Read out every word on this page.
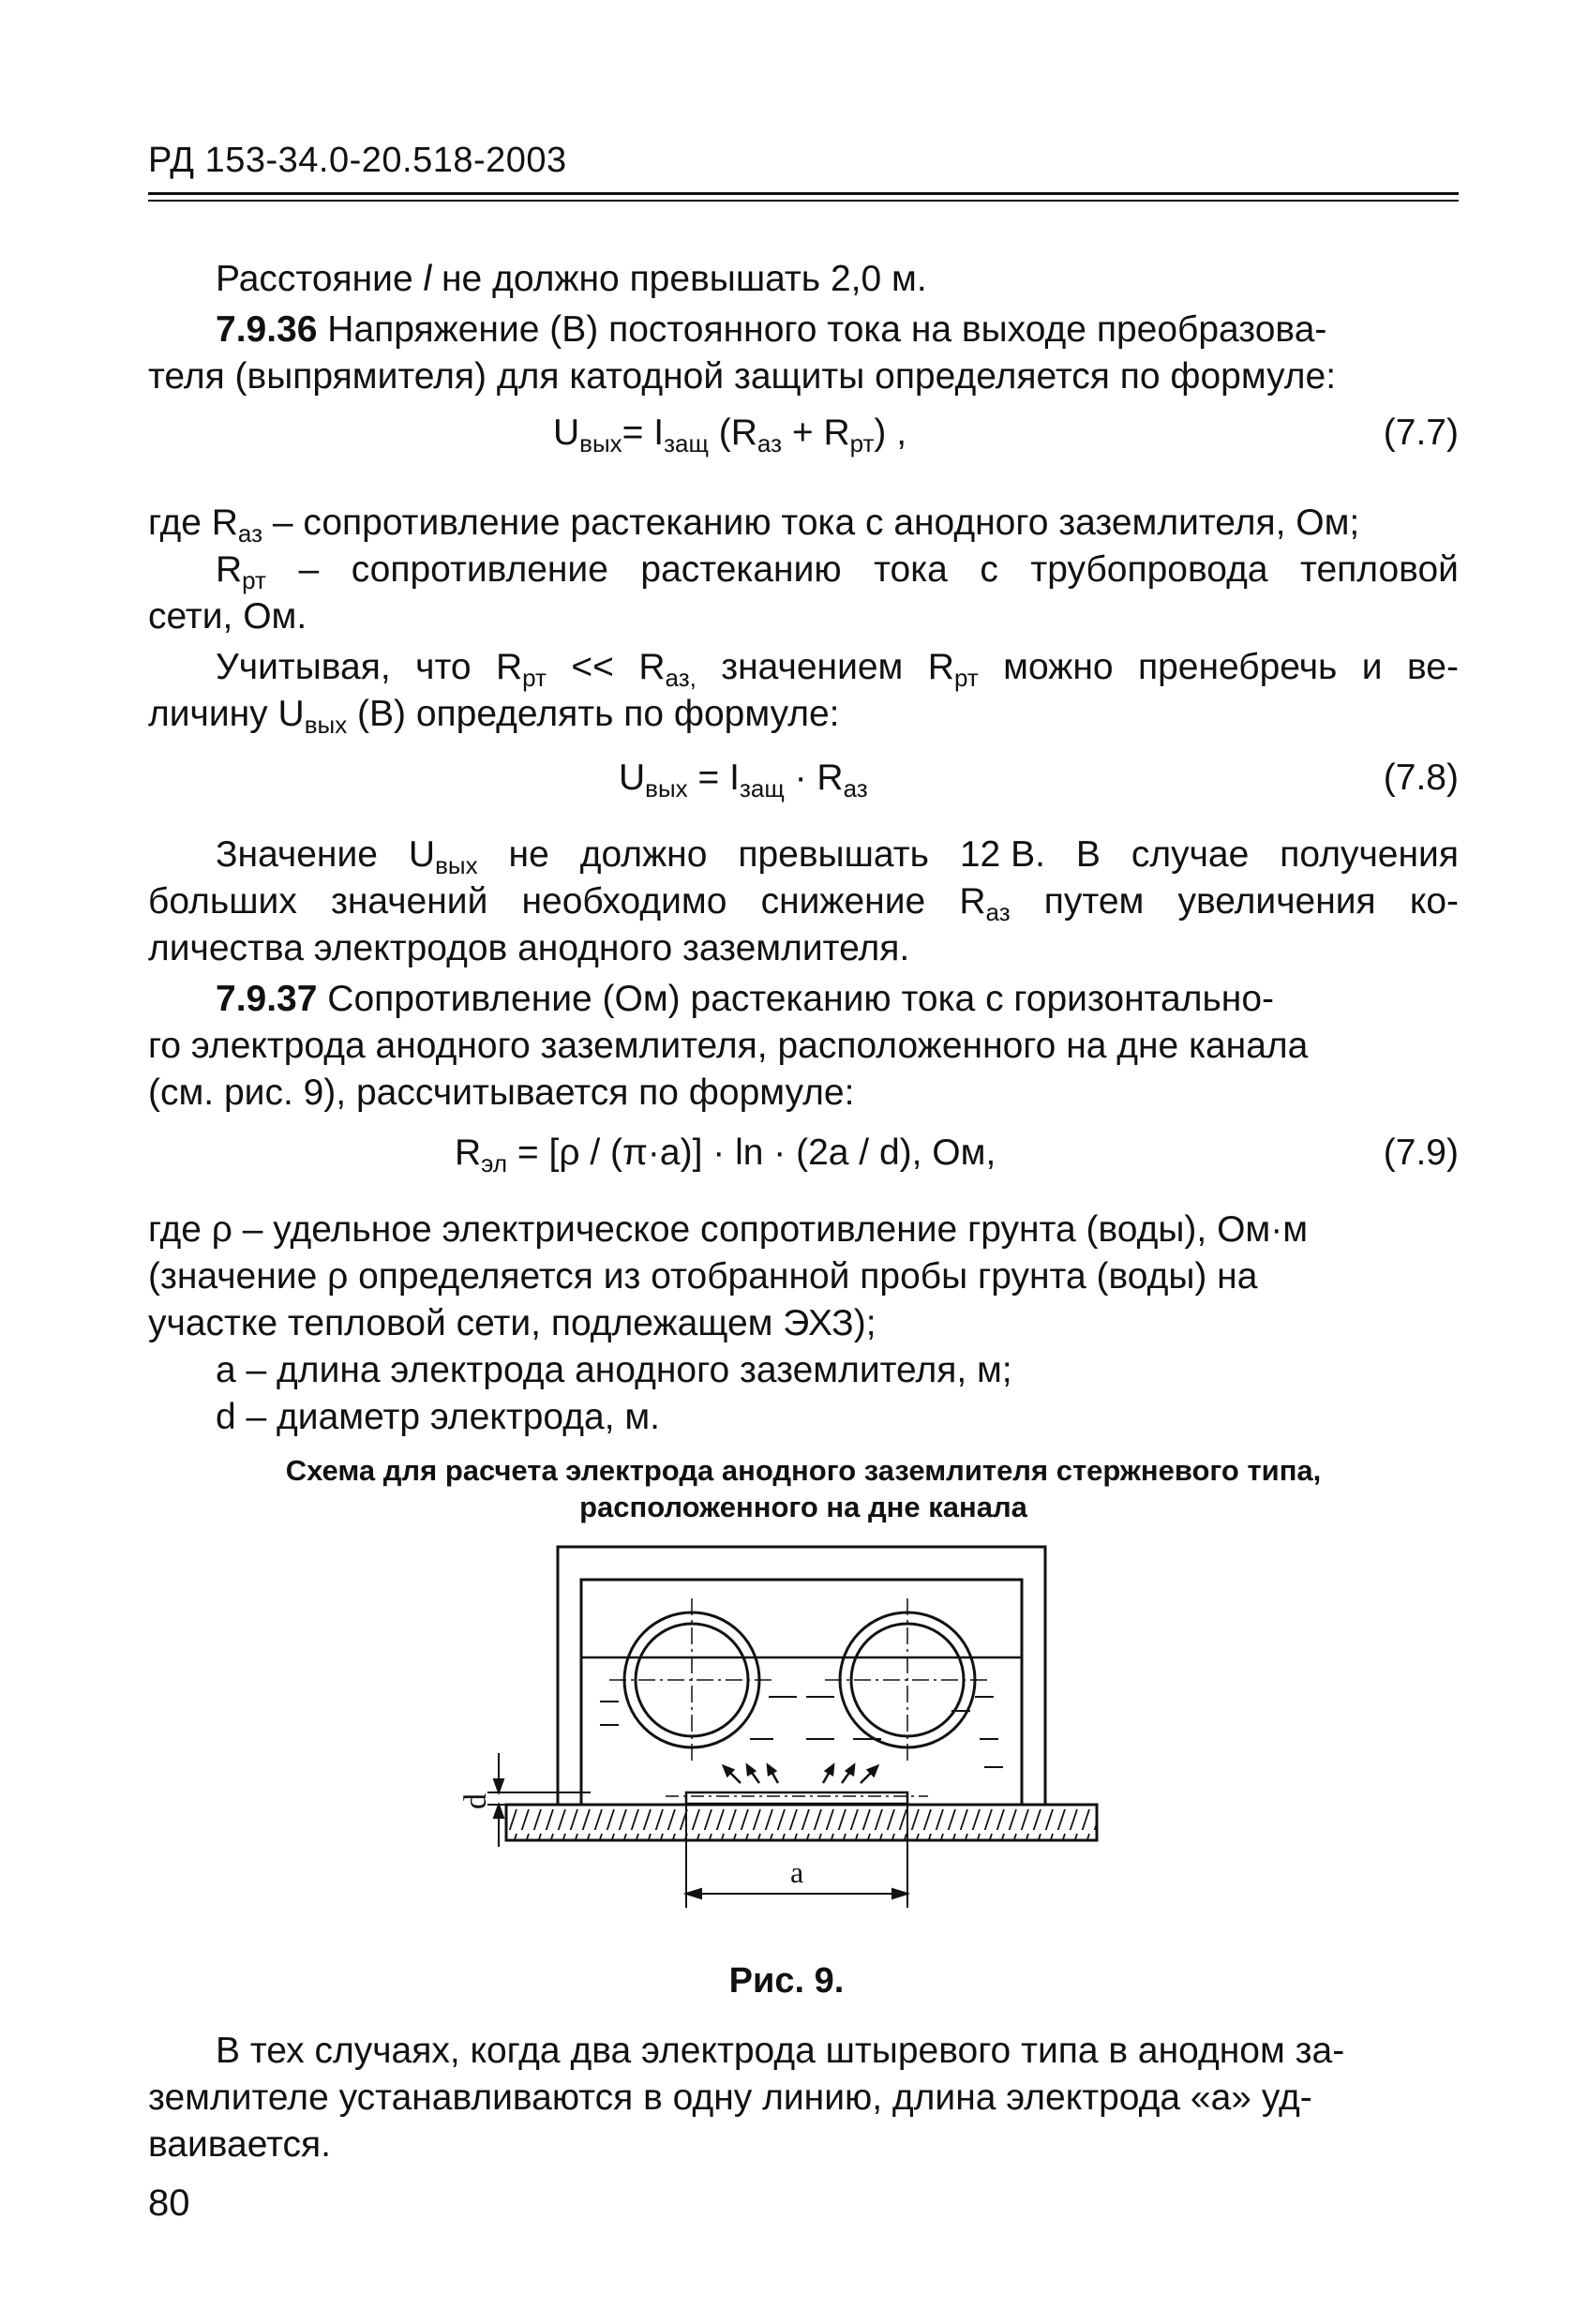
РД 153-34.0-20.518-2003
Расстояние l не должно превышать 2,0 м.
7.9.36 Напряжение (В) постоянного тока на выходе преобразова-
теля (выпрямителя) для катодной защиты определяется по формуле:
$U_{вых}= I_{защ}$ $(R_{аз} + R_{рт})$ ,	(7.7)
где $R_{аз}$ – сопротивление растеканию тока с анодного заземлителя, Ом;
$R_{рт}$ – сопротивление растеканию тока с трубопровода тепловой
сети, Ом.
Учитывая, что $R_{рт} << R_{аз,}$ значением $R_{рт}$ можно пренебречь и ве-
личину $U_{вых}$ (В) определять по формуле:
$U_{вых} = I_{защ} \cdot R_{аз}$	(7.8)
Значение $U_{вых}$ не должно превышать 12 В. В случае получения
больших значений необходимо снижение $R_{аз}$ путем увеличения ко-
личества электродов анодного заземлителя.
7.9.37 Сопротивление (Ом) растеканию тока с горизонтально-
го электрода анодного заземлителя, расположенного на дне канала
(см. рис. 9), рассчитывается по формуле:
$R_{эл} = [\rho / (\pi\cdot a)] \cdot \ln \cdot (2a / d)$, Ом,	(7.9)
где ρ – удельное электрическое сопротивление грунта (воды), Ом·м
(значение ρ определяется из отобранной пробы грунта (воды) на
участке тепловой сети, подлежащем ЭХЗ);
a – длина электрода анодного заземлителя, м;
d – диаметр электрода, м.
Схема для расчета электрода анодного заземлителя стержневого типа,
расположенного на дне канала
d
a
Рис. 9.
В тех случаях, когда два электрода штыревого типа в анодном за-
землителе устанавливаются в одну линию, длина электрода «a» уд-
ваивается.
80
